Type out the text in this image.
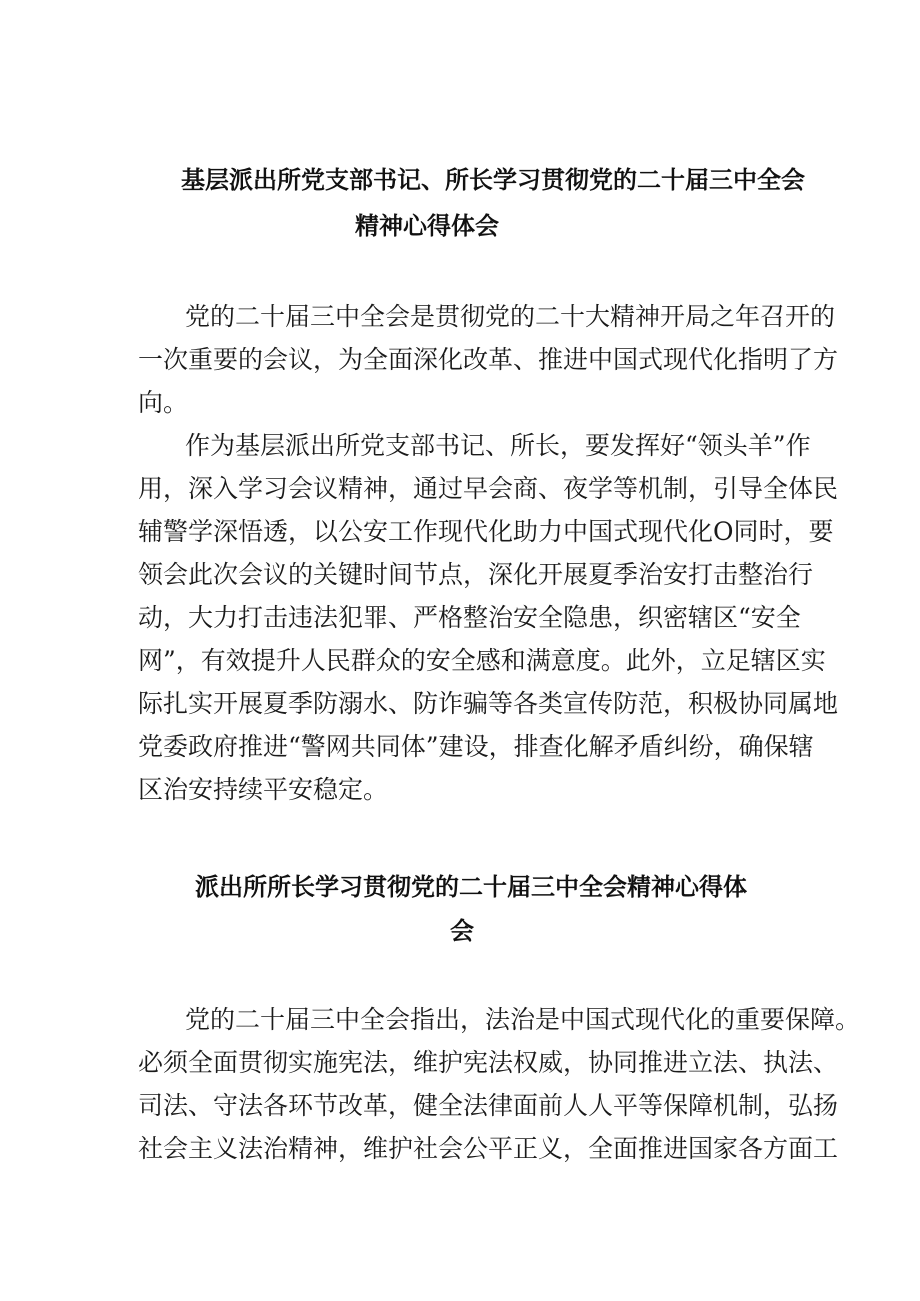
基层派出所党支部书记、所长学习贯彻党的二十届三中全会
精神心得体会
党的二十届三中全会是贯彻党的二十大精神开局之年召开的
一次重要的会议，为全面深化改革、推进中国式现代化指明了方
向。
作为基层派出所党支部书记、所长，要发挥好“领头羊”作
用，深入学习会议精神，通过早会商、夜学等机制，引导全体民
辅警学深悟透，以公安工作现代化助力中国式现代化O同时，要
领会此次会议的关键时间节点，深化开展夏季治安打击整治行
动，大力打击违法犯罪、严格整治安全隐患，织密辖区“安全
网”，有效提升人民群众的安全感和满意度。此外，立足辖区实
际扎实开展夏季防溺水、防诈骗等各类宣传防范，积极协同属地
党委政府推进“警网共同体”建设，排查化解矛盾纠纷，确保辖
区治安持续平安稳定。
派出所所长学习贯彻党的二十届三中全会精神心得体
会
党的二十届三中全会指出，法治是中国式现代化的重要保障。
必须全面贯彻实施宪法，维护宪法权威，协同推进立法、执法、
司法、守法各环节改革，健全法律面前人人平等保障机制，弘扬
社会主义法治精神，维护社会公平正义，全面推进国家各方面工
